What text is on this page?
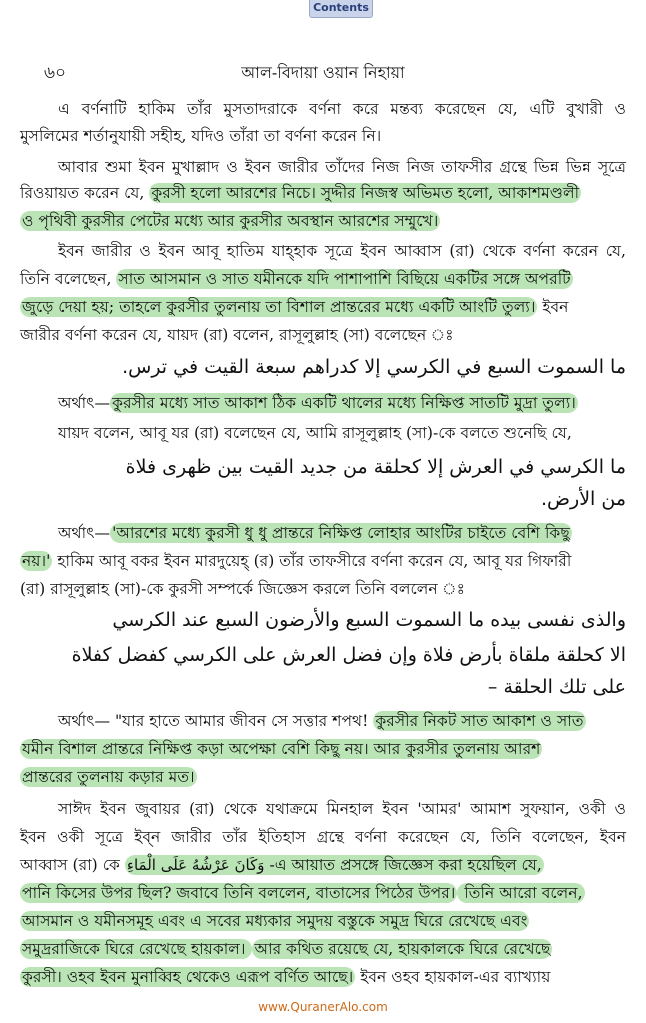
Contents
৬০	আল-বিদায়া ওয়ান নিহায়া
এ বর্ণনাটি হাকিম তাঁর মুসতাদরাকে বর্ণনা করে মন্তব্য করেছেন যে, এটি বুখারী ও
মুসলিমের শর্তানুযায়ী সহীহ, যদিও তাঁরা তা বর্ণনা করেন নি।
আবার শুমা ইবন মুখাল্লাদ ও ইবন জারীর তাঁদের নিজ নিজ তাফসীর গ্রন্থে ভিন্ন ভিন্ন সূত্রে
রিওয়ায়ত করেন যে, কুরসী হলো আরশের নিচে। সুদ্দীর নিজস্ব অভিমত হলো, আকাশমণ্ডলী
ও পৃথিবী কুরসীর পেটের মধ্যে আর কুরসীর অবস্থান আরশের সম্মুখে।
ইবন জারীর ও ইবন আবূ হাতিম যাহ্হাক সূত্রে ইবন আব্বাস (রা) থেকে বর্ণনা করেন যে,
তিনি বলেছেন, সাত আসমান ও সাত যমীনকে যদি পাশাপাশি বিছিয়ে একটির সঙ্গে অপরটি
জুড়ে দেয়া হয়; তাহলে কুরসীর তুলনায় তা বিশাল প্রান্তরের মধ্যে একটি আংটি তুল্য। ইবন
জারীর বর্ণনা করেন যে, যায়দ (রা) বলেন, রাসূলুল্লাহ (সা) বলেছেন ঃ
ما السموت السبع في الكرسي إلا كدراهم سبعة القيت في ترس.
অর্থাৎ— কুরসীর মধ্যে সাত আকাশ ঠিক একটি থালের মধ্যে নিক্ষিপ্ত সাতটি মুদ্রা তুল্য।
যায়দ বলেন, আবূ যর (রা) বলেছেন যে, আমি রাসূলুল্লাহ (সা)-কে বলতে শুনেছি যে,
ما الكرسي في العرش إلا كحلقة من جديد القيت بين ظهرى فلاة
من الأرض.
অর্থাৎ— 'আরশের মধ্যে কুরসী ধু ধু প্রান্তরে নিক্ষিপ্ত লোহার আংটির চাইতে বেশি কিছু
নয়।' হাকিম আবূ বকর ইবন মারদুয়েহ্ (র) তাঁর তাফসীরে বর্ণনা করেন যে, আবূ যর গিফারী
(রা) রাসূলুল্লাহ (সা)-কে কুরসী সম্পর্কে জিজ্ঞেস করলে তিনি বললেন ঃ
والذى نفسى بيده ما السموت السبع والأرضون السبع عند الكرسي
الا كحلقة ملقاة بأرض فلاة وإن فضل العرش على الكرسي كفضل كفلاة
على تلك الحلقة –
অর্থাৎ— "যার হাতে আমার জীবন সে সত্তার শপথ! কুরসীর নিকট সাত আকাশ ও সাত
যমীন বিশাল প্রান্তরে নিক্ষিপ্ত কড়া অপেক্ষা বেশি কিছু নয়। আর কুরসীর তুলনায় আরশ
প্রান্তরের তুলনায় কড়ার মত।
সাঈদ ইবন জুবায়র (রা) থেকে যথাক্রমে মিনহাল ইবন 'আমর' আমাশ সুফয়ান, ওকী ও
ইবন ওকী সূত্রে ইব্‌ন জারীর তাঁর ইতিহাস গ্রন্থে বর্ণনা করেছেন যে, তিনি বলেছেন, ইবন
আব্বাস (রা) কে وَكَانَ عَرْشُهُ عَلَى الْمَاءِ -এ আয়াত প্রসঙ্গে জিজ্ঞেস করা হয়েছিল যে,
পানি কিসের উপর ছিল? জবাবে তিনি বললেন, বাতাসের পিঠের উপর। তিনি আরো বলেন,
আসমান ও যমীনসমূহ এবং এ সবের মধ্যকার সমুদয় বস্তুকে সমুদ্র ঘিরে রেখেছে এবং
সমুদ্ররাজিকে ঘিরে রেখেছে হায়কাল। আর কথিত রয়েছে যে, হায়কালকে ঘিরে রেখেছে
কুরসী। ওহব ইবন মুনাব্বিহ থেকেও এরূপ বর্ণিত আছে। ইবন ওহব হায়কাল-এর ব্যাখ্যায়
www.QuranerAlo.com
